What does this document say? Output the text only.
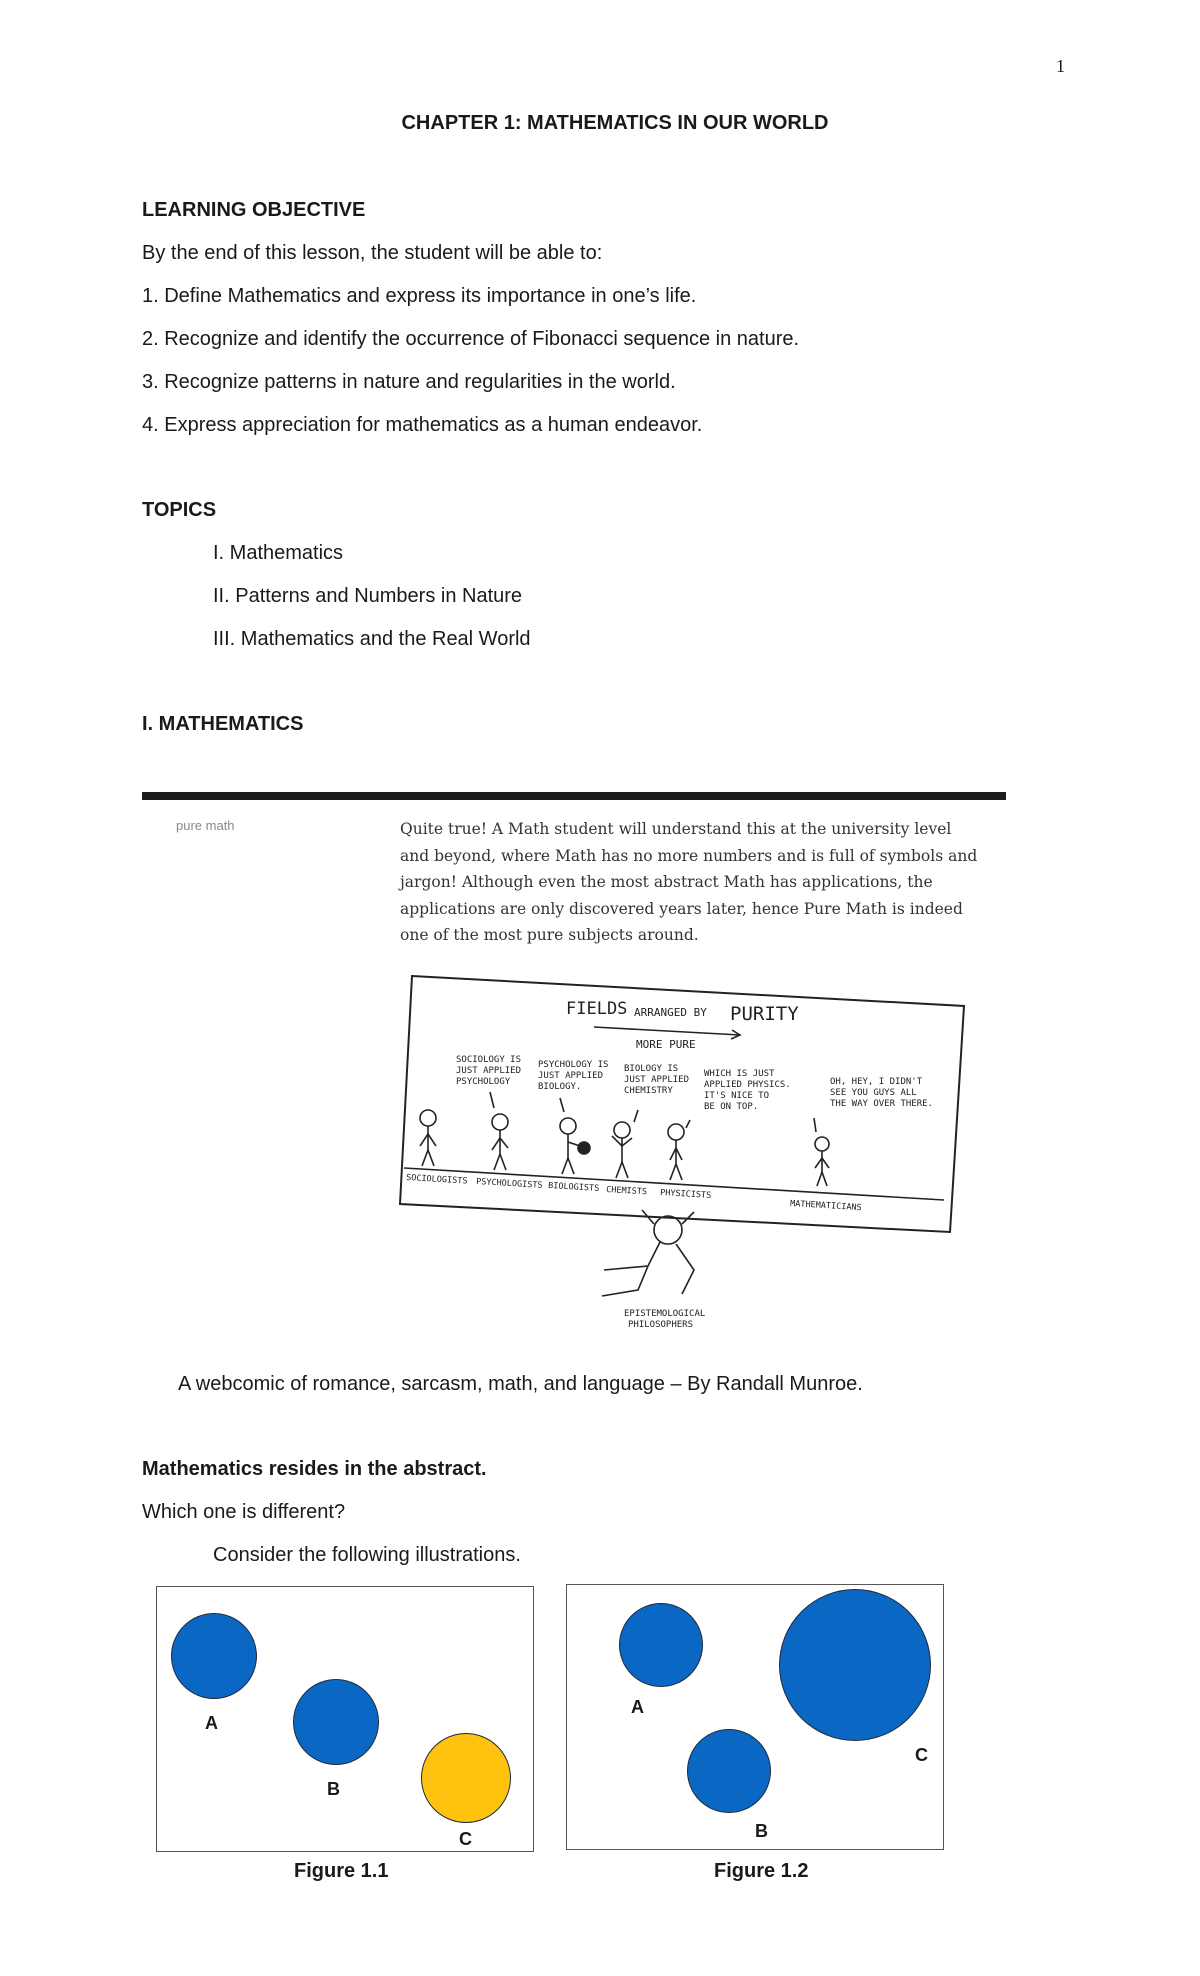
1
CHAPTER 1: MATHEMATICS IN OUR WORLD
LEARNING OBJECTIVE
By the end of this lesson, the student will be able to:
1. Define Mathematics and express its importance in one’s life.
2. Recognize and identify the occurrence of Fibonacci sequence in nature.
3. Recognize patterns in nature and regularities in the world.
4. Express appreciation for mathematics as a human endeavor.
TOPICS
I. Mathematics
II. Patterns and Numbers in Nature
III. Mathematics and the Real World
I. MATHEMATICS
pure math	Quite true! A Math student will understand this at the university level and beyond, where Math has no more numbers and is full of symbols and jargon! Although even the most abstract Math has applications, the applications are only discovered years later, hence Pure Math is indeed one of the most pure subjects around.
FIELDS ARRANGED BY PURITY
MORE PURE
SOCIOLOGY IS JUST APPLIED PSYCHOLOGY
PSYCHOLOGY IS JUST APPLIED BIOLOGY.
BIOLOGY IS JUST APPLIED CHEMISTRY
WHICH IS JUST APPLIED PHYSICS. IT'S NICE TO BE ON TOP.
OH, HEY, I DIDN'T SEE YOU GUYS ALL THE WAY OVER THERE.
SOCIOLOGISTS PSYCHOLOGISTS BIOLOGISTS CHEMISTS PHYSICISTS
MATHEMATICIANS
EPISTEMOLOGICAL PHILOSOPHERS
A webcomic of romance, sarcasm, math, and language – By Randall Munroe.
Mathematics resides in the abstract.
Which one is different?
Consider the following illustrations.
A
B
C
Figure 1.1
A
B
C
Figure 1.2
